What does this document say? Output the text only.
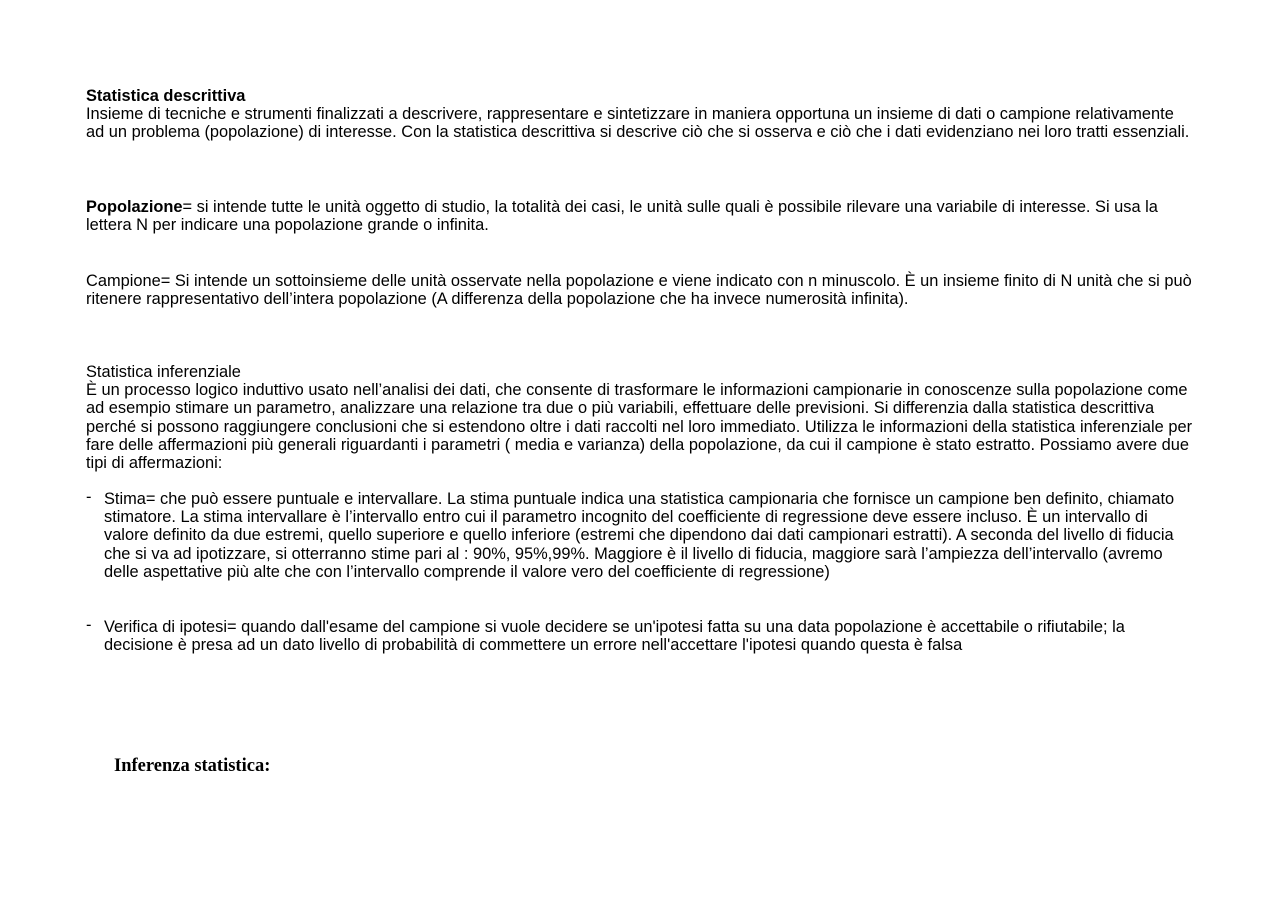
Statistica descrittiva

Insieme di tecniche e strumenti finalizzati a descrivere, rappresentare e sintetizzare in maniera opportuna un insieme di dati o campione relativamente ad un problema (popolazione) di interesse. Con la statistica descrittiva si descrive ciò che si osserva e ciò che i dati evidenziano nei loro tratti essenziali.

Popolazione= si intende tutte le unità oggetto di studio, la totalità dei casi, le unità sulle quali è possibile rilevare una variabile di interesse. Si usa la lettera N per indicare una popolazione grande o infinita.

Campione= Si intende un sottoinsieme delle unità osservate nella popolazione e viene indicato con n minuscolo. È un insieme finito di N unità che si può ritenere rappresentativo dell’intera popolazione (A differenza della popolazione che ha invece numerosità infinita).

Statistica inferenziale

È un processo logico induttivo usato nell’analisi dei dati, che consente di trasformare le informazioni campionarie in conoscenze sulla popolazione come ad esempio stimare un parametro, analizzare una relazione tra due o più variabili, effettuare delle previsioni. Si differenzia dalla statistica descrittiva perché si possono raggiungere conclusioni che si estendono oltre i dati raccolti nel loro immediato. Utilizza le informazioni della statistica inferenziale per fare delle affermazioni più generali riguardanti i parametri ( media e varianza) della popolazione, da cui il campione è stato estratto. Possiamo avere due tipi di affermazioni:

- Stima= che può essere puntuale e intervallare. La stima puntuale indica una statistica campionaria che fornisce un campione ben definito, chiamato stimatore. La stima intervallare è l’intervallo entro cui il parametro incognito del coefficiente di regressione deve essere incluso. È un intervallo di valore definito da due estremi, quello superiore e quello inferiore (estremi che dipendono dai dati campionari estratti). A seconda del livello di fiducia che si va ad ipotizzare, si otterranno stime pari al : 90%, 95%,99%. Maggiore è il livello di fiducia, maggiore sarà l’ampiezza dell’intervallo (avremo delle aspettative più alte che con l’intervallo comprende il valore vero del coefficiente di regressione)
- Verifica di ipotesi= quando dall'esame del campione si vuole decidere se un'ipotesi fatta su una data popolazione è accettabile o rifiutabile; la decisione è presa ad un dato livello di probabilità di commettere un errore nell'accettare l'ipotesi quando questa è falsa
Inferenza statistica:
